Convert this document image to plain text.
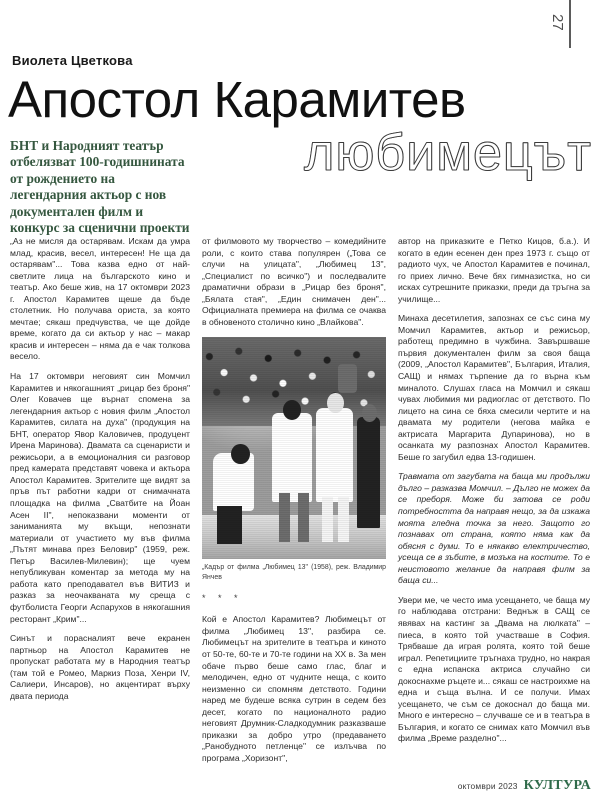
27
Виолета Цветкова
Апостол Карамитев
любимецът
БНТ и Народният театър отбелязват 100-годишнината от рождението на легендарния актьор с нов документален филм и конкурс за сценични проекти

„Аз не мисля да остарявам. Искам да умра млад, красив, весел, интересен! Не ща да остарявам"... Това казва едно от най-светлите лица на българското кино и театър. Ако беше жив, на 17 октомври 2023 г. Апостол Карамитев щеше да бъде столетник. Но получава ориста, за която мечтае; сякаш предчувства, че ще дойде време, когато да си актьор у нас – макар красив и интересен – няма да е чак толкова весело.

На 17 октомври неговият син Момчил Карамитев и някогашният „рицар без броня" Олег Ковачев ще върнат спомена за легендарния актьор с новия филм „Апостол Карамитев, силата на духа" (продукция на БНТ, оператор Явор Каловичев, продуцент Ирена Маринова). Двамата са сценаристи и режисьори, а в емоционалния си разговор пред камерата представят човека и актьора Апостол Карамитев. Зрителите ще видят за пръв път работни кадри от снимачната площадка на филма „Сватбите на Йоан Асен II", непоказвани моменти от заниманията му вкъщи, непознати материали от участието му във филма „Пътят минава през Беловир" (1959, реж. Петър Василев-Милевин); ще чуем непубликуван коментар за метода му на работа като преподавател във ВИТИЗ и разказ за неочакваната му среща с футболиста Георги Аспарухов в някогашния ресторант „Крим"...

Синът и порасналият вече екранен партньор на Апостол Карамитев не пропускат работата му в Народния театър (там той е Ромео, Маркиз Поза, Хенри IV, Салиери, Инсаров), но акцентират върху двата периода

от филмовото му творчество – комедийните роли, с които става популярен („Това се случи на улицата", „Любимец 13", „Специалист по всичко") и последвалите драматични образи в „Рицар без броня", „Бялата стая", „Един снимачен ден"... Официалната премиера на филма се очаква в обновеното столично кино „Влайкова".

„Кадър от филма „Любимец 13" (1958), реж. Владимир Янчев
* * *

Кой е Апостол Карамитев? Любимецът от филма „Любимец 13", разбира се. Любимецът на зрителите в театъра и киното от 50-те, 60-те и 70-те години на ХХ в. За мен обаче първо беше само глас, благ и мелодичен, едно от чудните неща, с които неизменно си спомням детството. Години наред ме будеше всяка сутрин в седем без десет, когато по националното радио неговият Друмник-Сладкодумник разказваше приказки за добро утро (предаването „Ранобудното петленце" се излъчва по програма „Хоризонт",

автор на приказките е Петко Кицов, б.а.). И когато в един есенен ден през 1973 г. също от радиото чух, че Апостол Карамитев е починал, го приех лично. Вече бях гимназистка, но си исках сутрешните приказки, преди да тръгна за училище...

Минаха десетилетия, запознах се със сина му Момчил Карамитев, актьор и режисьор, работещ предимно в чужбина. Завършваше първия документален филм за своя баща (2009, „Апостол Карамитев", България, Италия, САЩ) и нямах търпение да го върна към миналото. Слушах гласа на Момчил и сякаш чувах любимия ми радиоглас от детството. По лицето на сина се бяха смесили чертите и на двамата му родители (негова майка е актрисата Маргарита Дупаринова), но в осанката му разпознах Апостол Карамитев. Беше го загубил едва 13-годишен.

Травмата от загубата на баща ми продължи дълго – разказва Момчил. – Дълго не можех да се преборя. Може би затова се роди потребността да направя нещо, за да изкажа моята гледна точка за него. Защото го познавах от страна, която няма как да обясня с думи. То е някакво електричество, усеща се в зъбите, в мозъка на костите. То е неистовото желание да направя филм за баща си...

Увери ме, че често има усещането, че баща му го наблюдава отстрани: Веднъж в САЩ се явявах на кастинг за „Двама на люлката" – пиеса, в която той участваше в София. Трябваше да играя ролята, която той беше играл. Репетициите тръгнаха трудно, но накрая с една испанска актриса случайно си докоснахме ръцете и... сякаш се настроихме на една и съща вълна. И се получи. Имах усещането, че съм се докоснал до баща ми. Много е интересно – случваше се и в театъра в България, и когато се снимах като Момчил във филма „Време разделно"...

октомври 2023 КУЛТУРА
